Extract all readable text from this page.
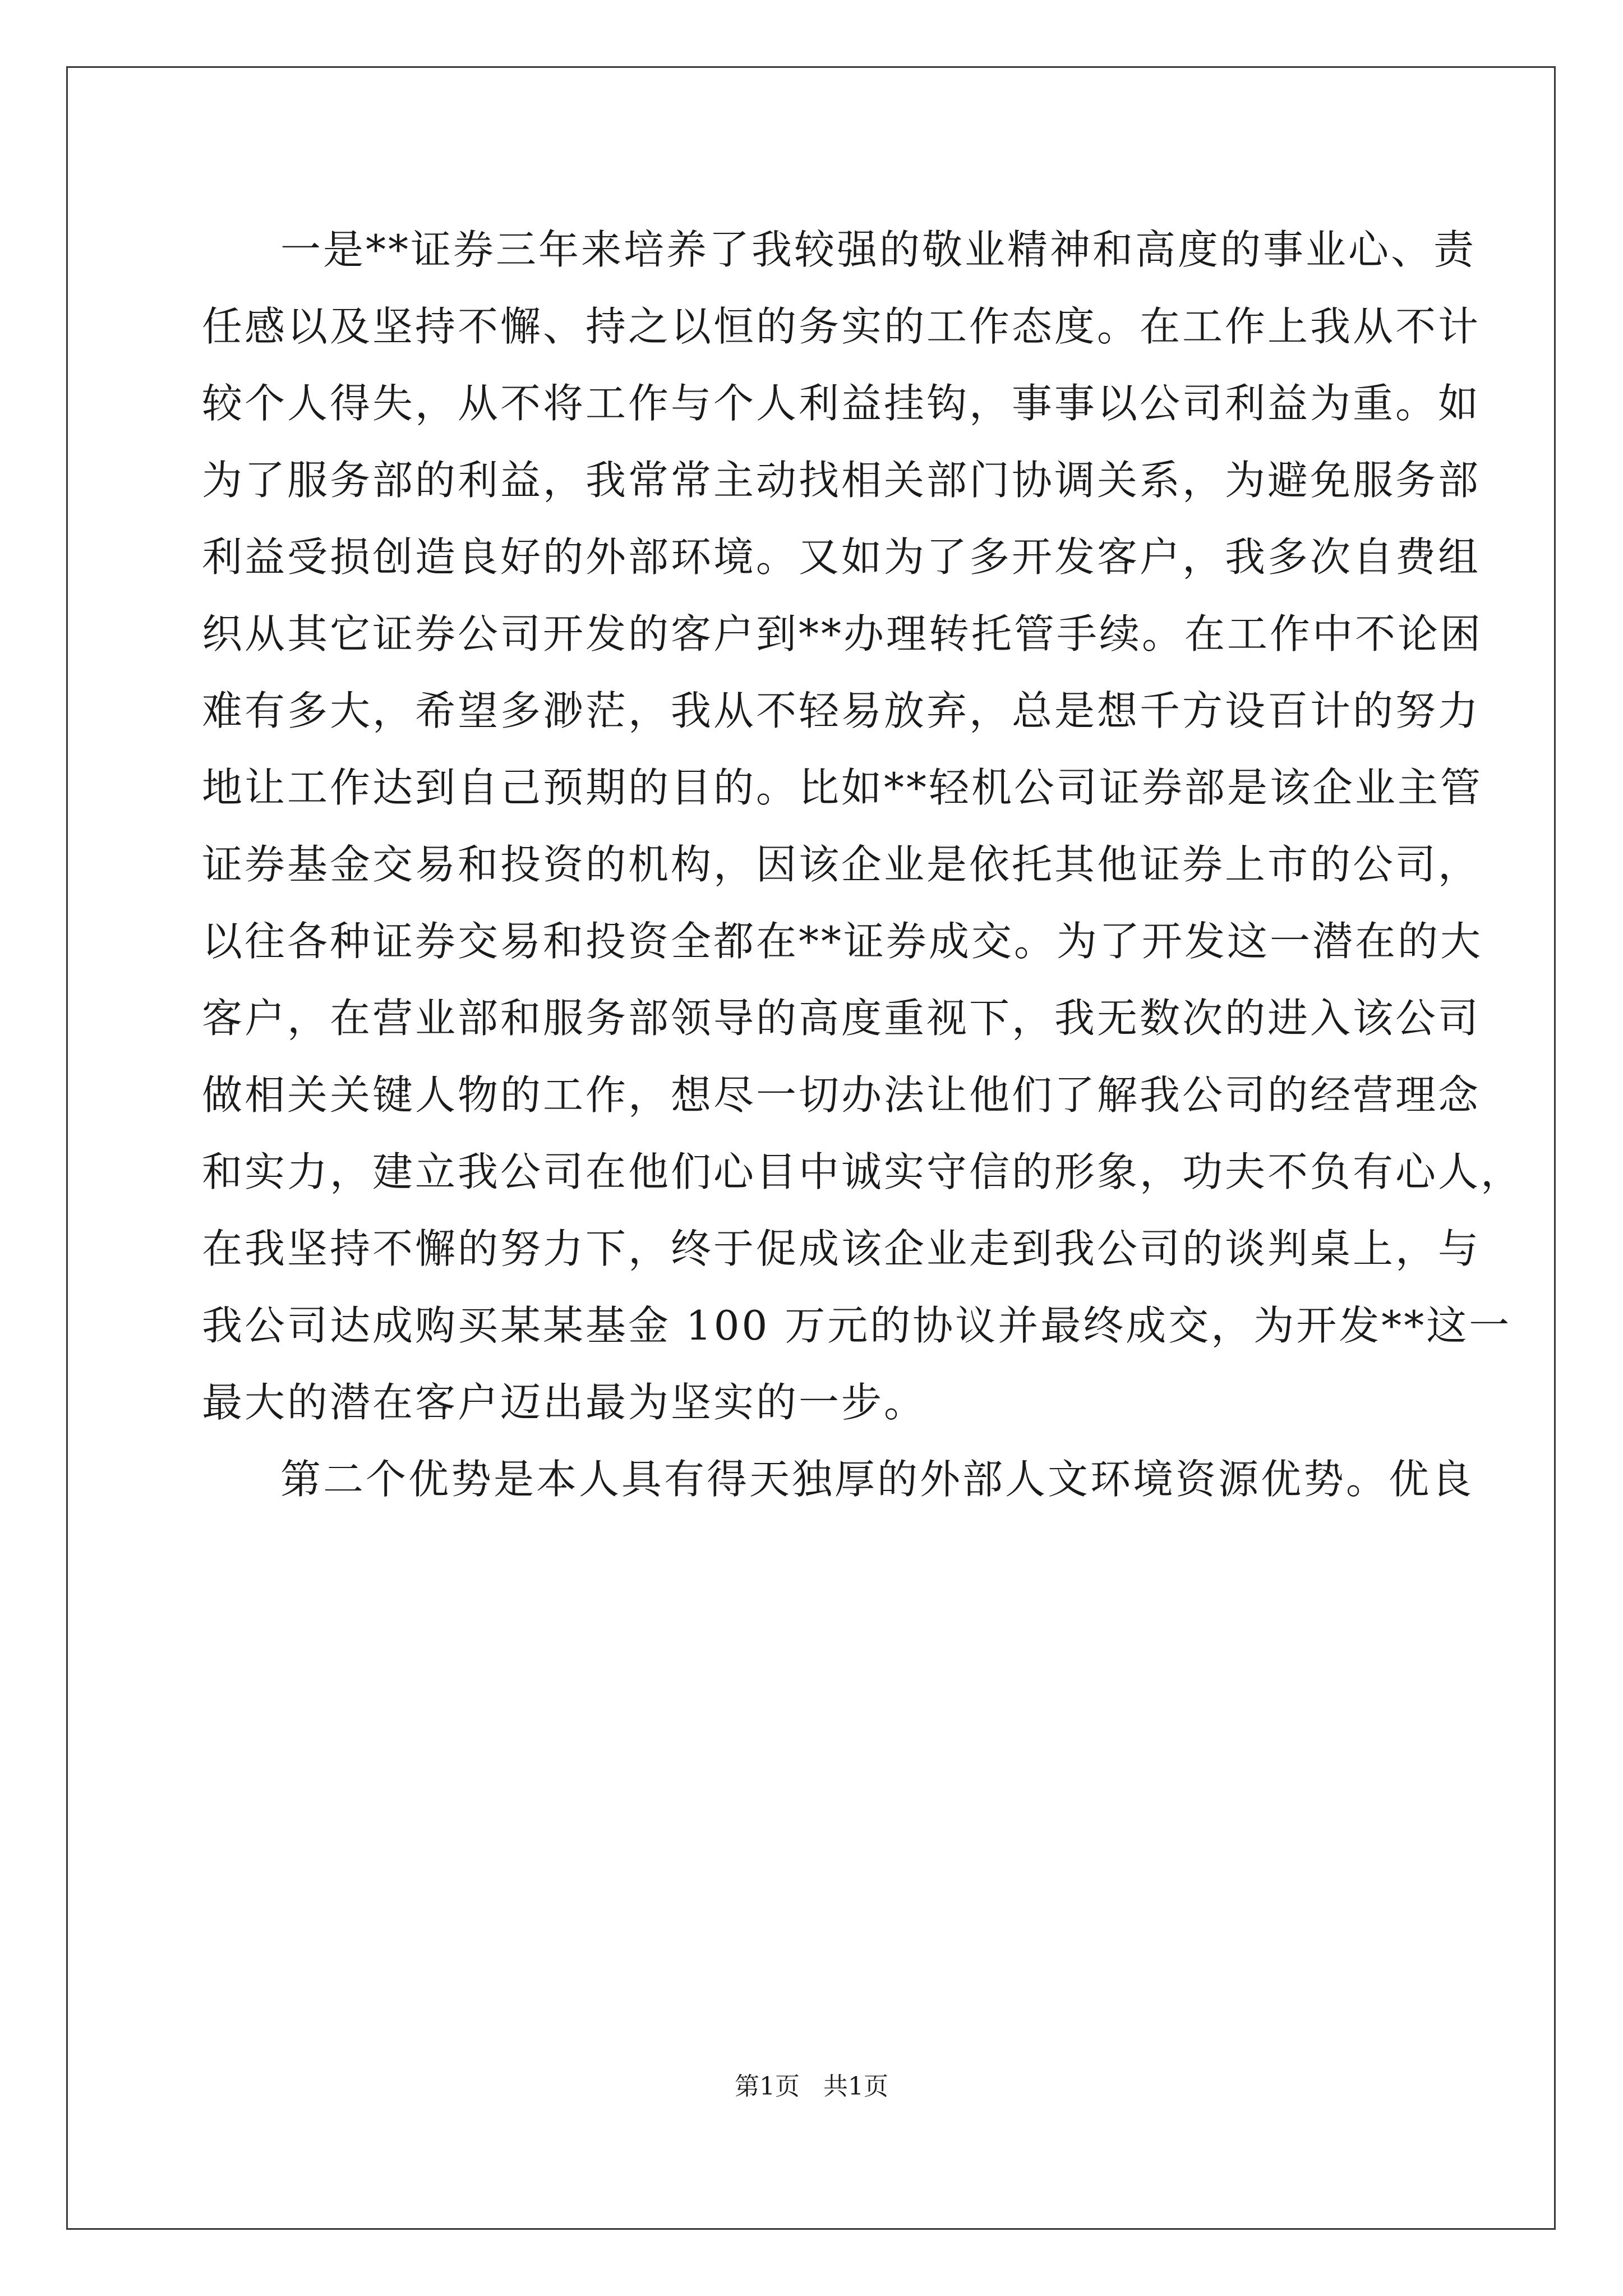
一是**证券三年来培养了我较强的敬业精神和高度的事业心、责
任感以及坚持不懈、持之以恒的务实的工作态度。在工作上我从不计
较个人得失，从不将工作与个人利益挂钩，事事以公司利益为重。如
为了服务部的利益，我常常主动找相关部门协调关系，为避免服务部
利益受损创造良好的外部环境。又如为了多开发客户，我多次自费组
织从其它证券公司开发的客户到**办理转托管手续。在工作中不论困
难有多大，希望多渺茫，我从不轻易放弃，总是想千方设百计的努力
地让工作达到自己预期的目的。比如**轻机公司证券部是该企业主管
证券基金交易和投资的机构，因该企业是依托其他证券上市的公司，
以往各种证券交易和投资全都在**证券成交。为了开发这一潜在的大
客户，在营业部和服务部领导的高度重视下，我无数次的进入该公司
做相关关键人物的工作，想尽一切办法让他们了解我公司的经营理念
和实力，建立我公司在他们心目中诚实守信的形象，功夫不负有心人，
在我坚持不懈的努力下，终于促成该企业走到我公司的谈判桌上，与
我公司达成购买某某基金 100 万元的协议并最终成交，为开发**这一
最大的潜在客户迈出最为坚实的一步。
第二个优势是本人具有得天独厚的外部人文环境资源优势。优良
第1页   共1页
